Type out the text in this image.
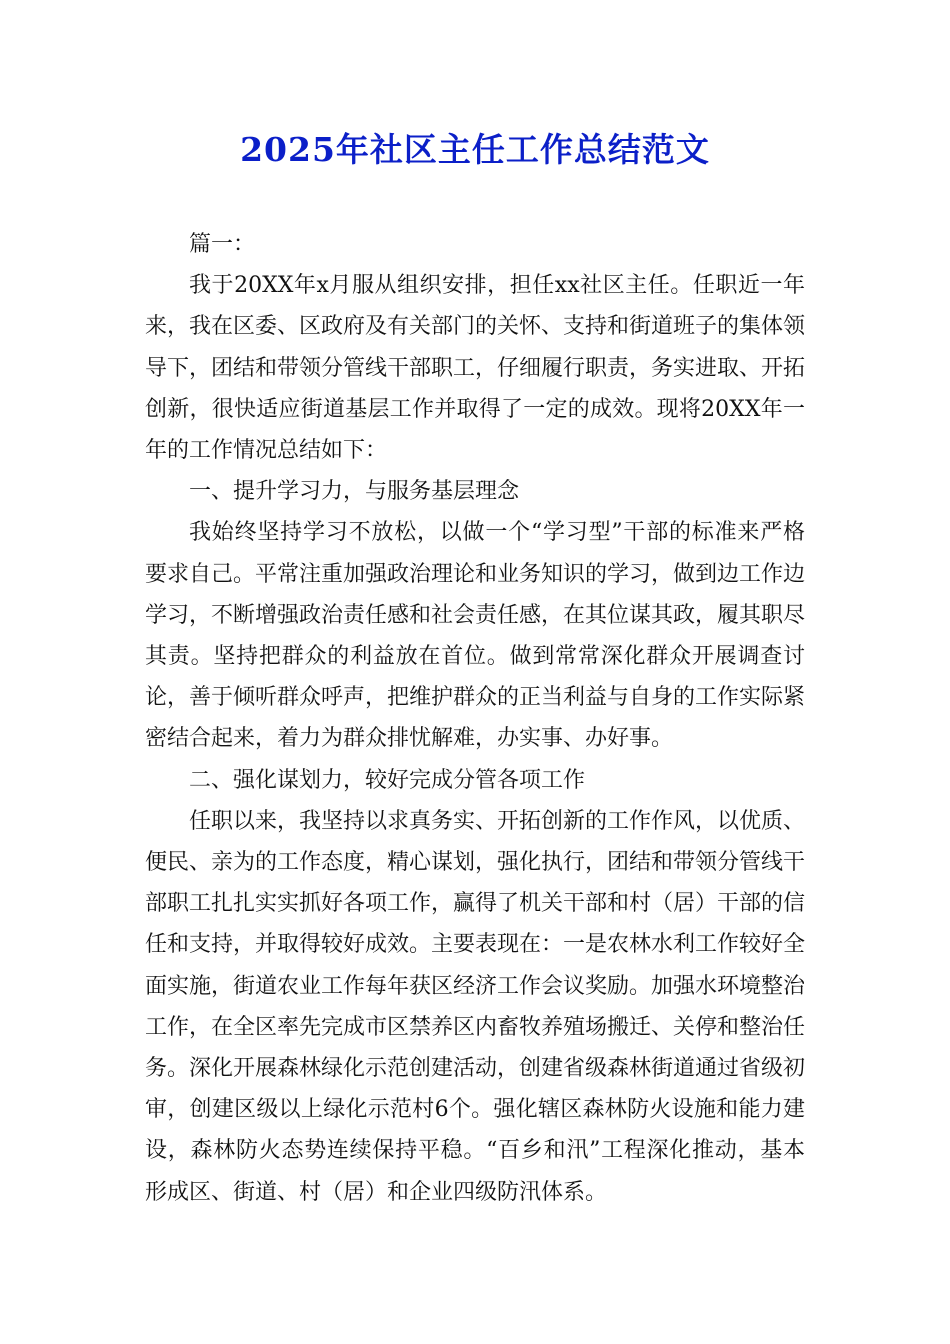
2025年社区主任工作总结范文

篇一：

我于20XX年x月服从组织安排，担任xx社区主任。任职近一年来，我在区委、区政府及有关部门的关怀、支持和街道班子的集体领导下，团结和带领分管线干部职工，仔细履行职责，务实进取、开拓创新，很快适应街道基层工作并取得了一定的成效。现将20XX年一年的工作情况总结如下：

一、提升学习力，与服务基层理念

我始终坚持学习不放松，以做一个“学习型”干部的标准来严格要求自己。平常注重加强政治理论和业务知识的学习，做到边工作边学习，不断增强政治责任感和社会责任感，在其位谋其政，履其职尽其责。坚持把群众的利益放在首位。做到常常深化群众开展调查讨论，善于倾听群众呼声，把维护群众的正当利益与自身的工作实际紧密结合起来，着力为群众排忧解难，办实事、办好事。

二、强化谋划力，较好完成分管各项工作

任职以来，我坚持以求真务实、开拓创新的工作作风，以优质、便民、亲为的工作态度，精心谋划，强化执行，团结和带领分管线干部职工扎扎实实抓好各项工作，赢得了机关干部和村（居）干部的信任和支持，并取得较好成效。主要表现在：一是农林水利工作较好全面实施，街道农业工作每年获区经济工作会议奖励。加强水环境整治工作，在全区率先完成市区禁养区内畜牧养殖场搬迁、关停和整治任务。深化开展森林绿化示范创建活动，创建省级森林街道通过省级初审，创建区级以上绿化示范村6个。强化辖区森林防火设施和能力建设，森林防火态势连续保持平稳。“百乡和汛”工程深化推动，基本形成区、街道、村（居）和企业四级防汛体系。
